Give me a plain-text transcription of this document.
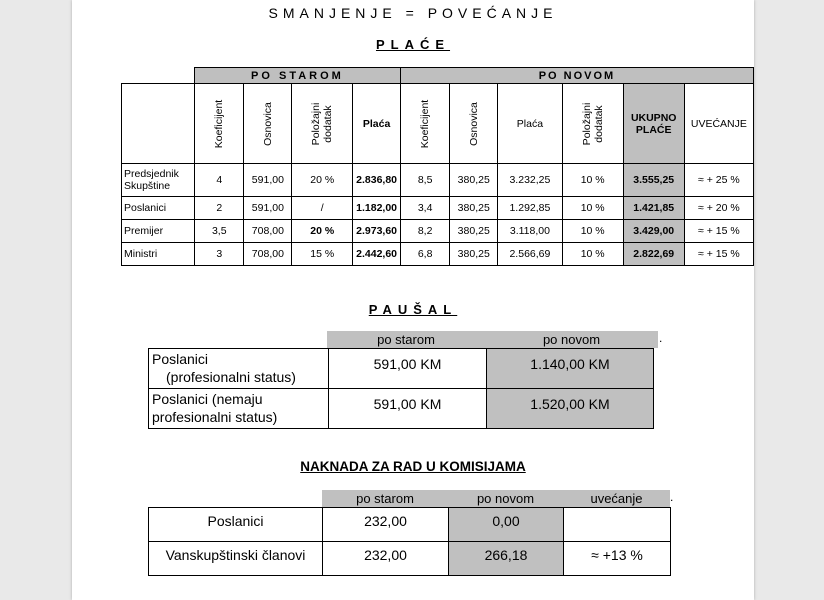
SMANJENJE = POVEĆANJE
PLAĆE
	PO STAROM				PO NOVOM					
	Koeficijent	Osnovica	Položajni dodatak	Plaća	Koeficijent	Osnovica	Plaća	Položajni dodatak	UKUPNO PLAĆE	UVEĆANJE
Predsjednik Skupštine	4	591,00	20 %	2.836,80	8,5	380,25	3.232,25	10 %	3.555,25	≈ + 25 %
Poslanici	2	591,00	/	1.182,00	3,4	380,25	1.292,85	10 %	1.421,85	≈ + 20 %
Premijer	3,5	708,00	20 %	2.973,60	8,2	380,25	3.118,00	10 %	3.429,00	≈ + 15 %
Ministri	3	708,00	15 %	2.442,60	6,8	380,25	2.566,69	10 %	2.822,69	≈ + 15 %
PAUŠAL
po starom	po novom	.
Poslanici
(profesionalni status)	591,00 KM	1.140,00 KM

Poslanici (nemaju
profesionalni status)	591,00 KM	1.520,00 KM
NAKNADA ZA RAD U KOMISIJAMA
po starom	po novom	uvećanje	.
Poslanici	232,00	0,00	
Vanskupštinski članovi	232,00	266,18	≈ +13 %
